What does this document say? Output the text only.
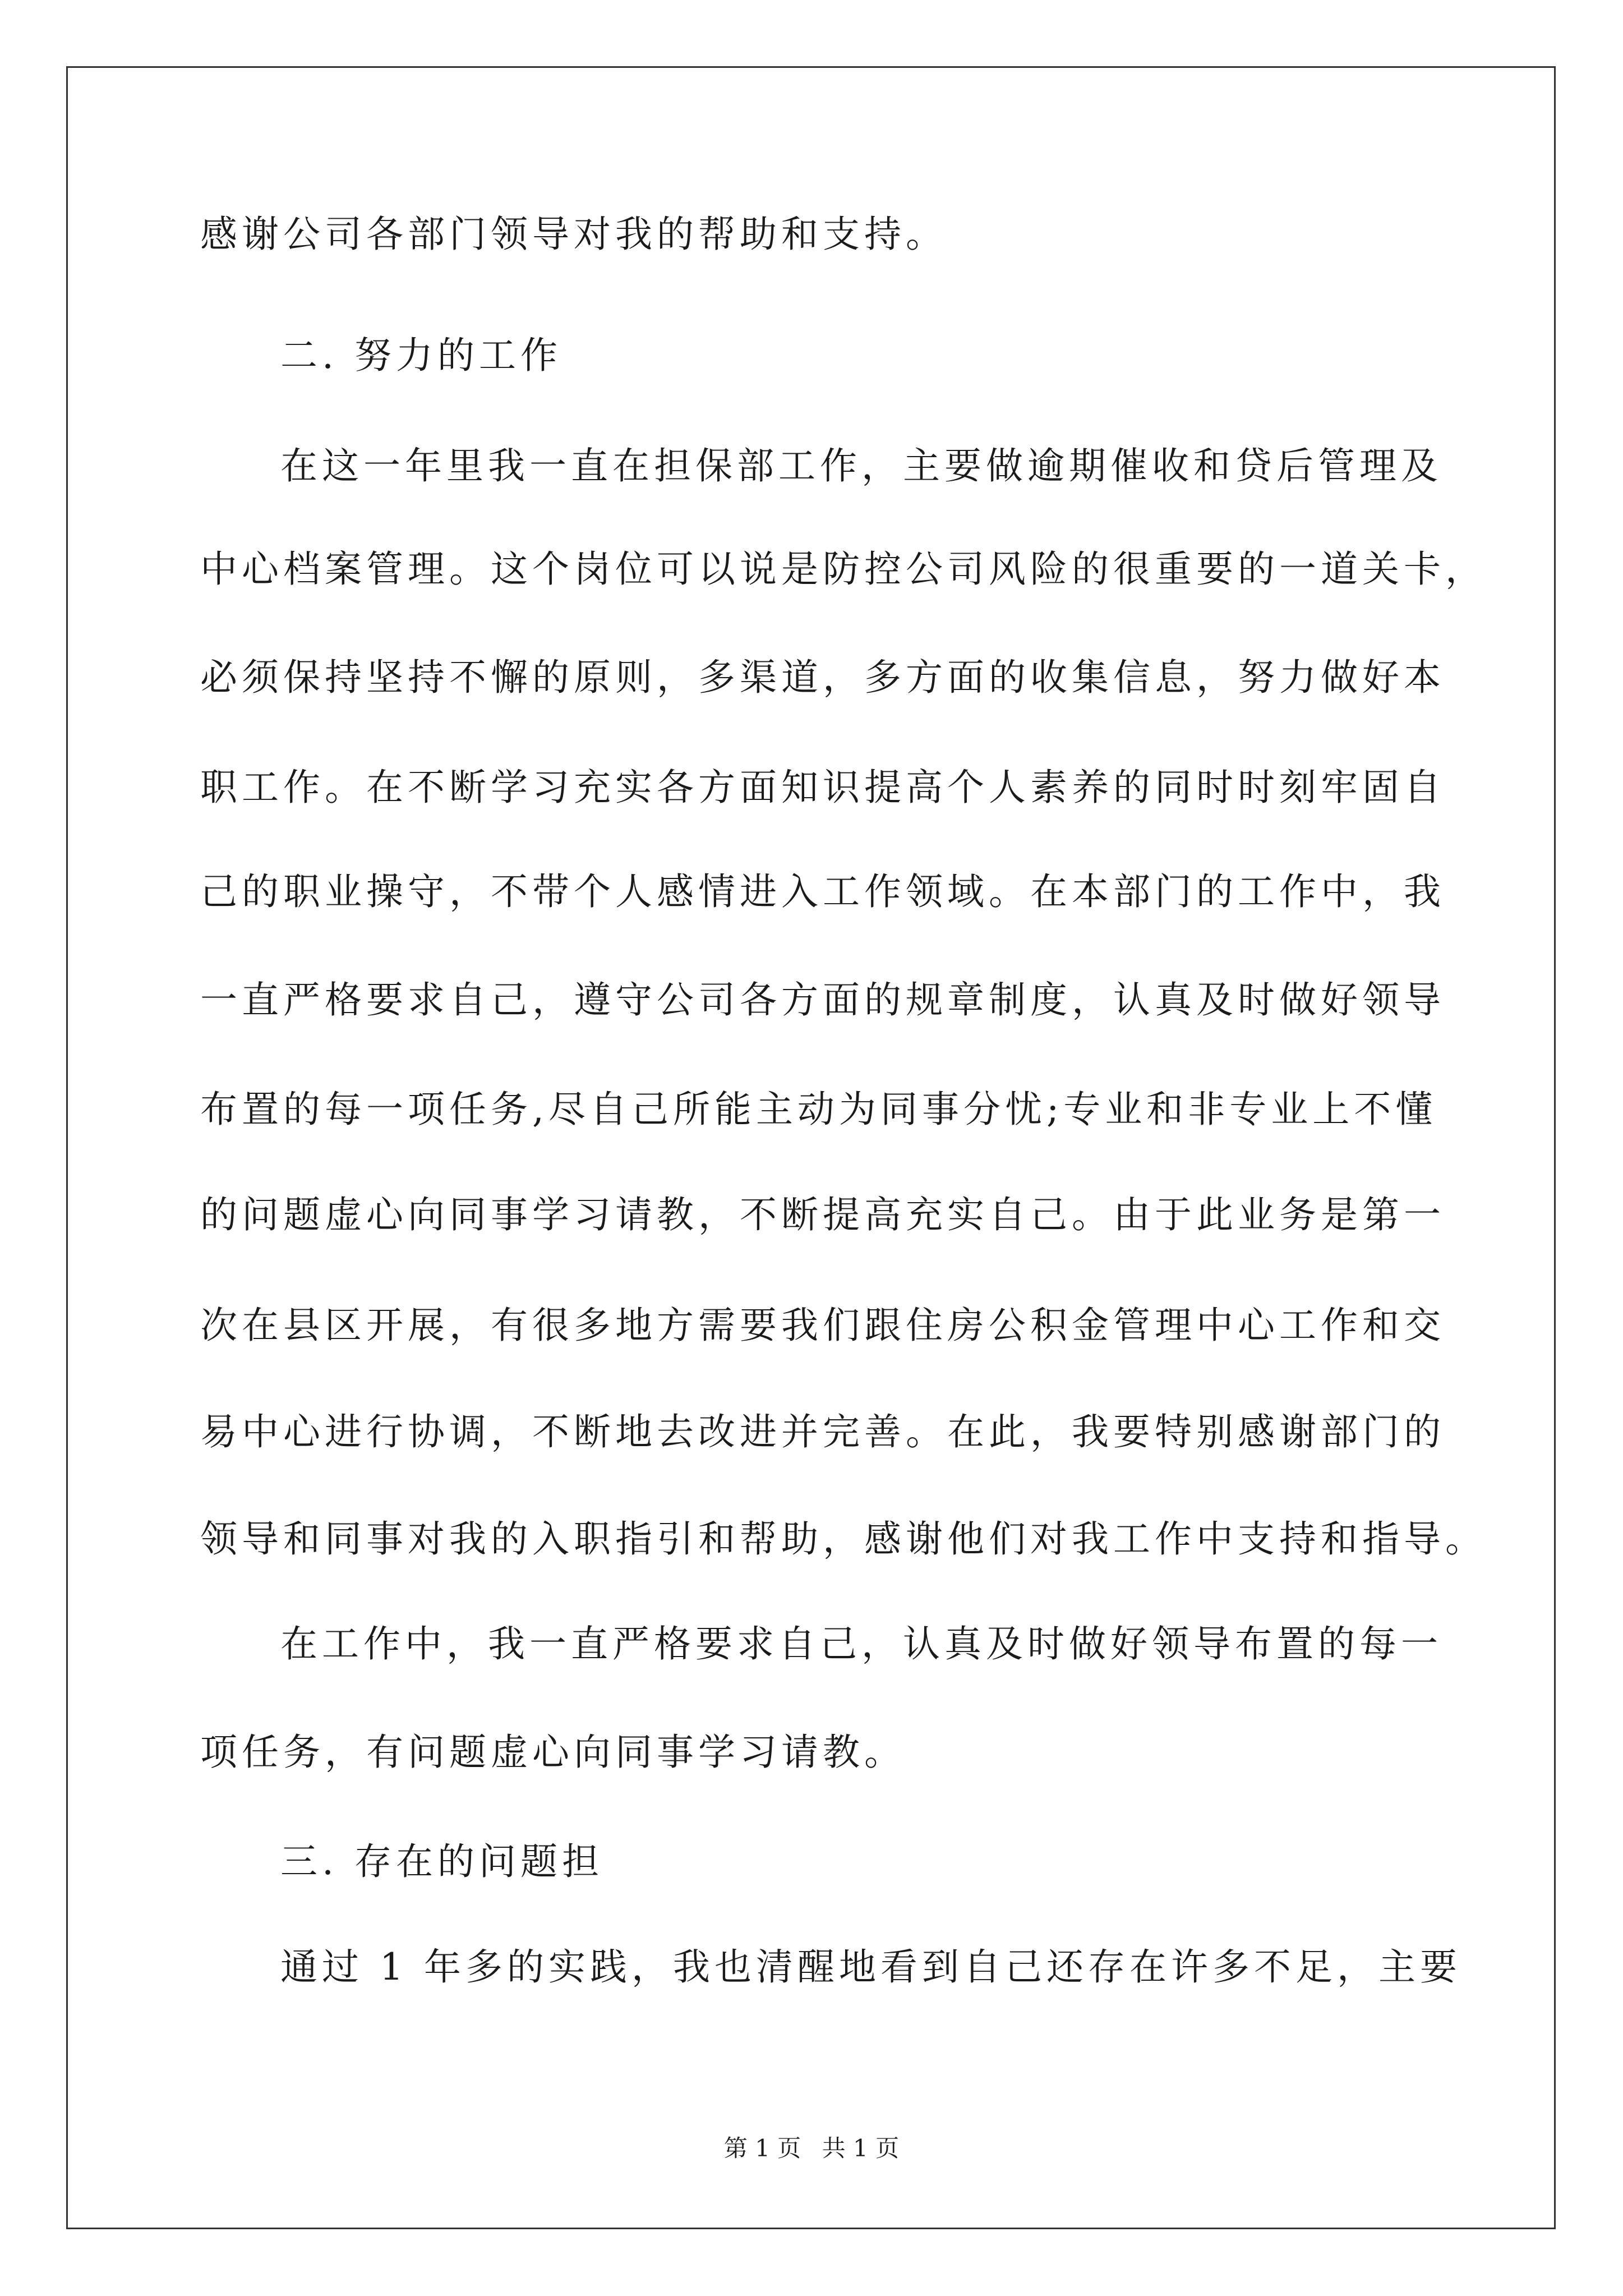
感谢公司各部门领导对我的帮助和支持。
二. 努力的工作
在这一年里我一直在担保部工作，主要做逾期催收和贷后管理及
中心档案管理。这个岗位可以说是防控公司风险的很重要的一道关卡，
必须保持坚持不懈的原则，多渠道，多方面的收集信息，努力做好本
职工作。在不断学习充实各方面知识提高个人素养的同时时刻牢固自
己的职业操守，不带个人感情进入工作领域。在本部门的工作中，我
一直严格要求自己，遵守公司各方面的规章制度，认真及时做好领导
布置的每一项任务,尽自己所能主动为同事分忧;专业和非专业上不懂
的问题虚心向同事学习请教，不断提高充实自己。由于此业务是第一
次在县区开展，有很多地方需要我们跟住房公积金管理中心工作和交
易中心进行协调，不断地去改进并完善。在此，我要特别感谢部门的
领导和同事对我的入职指引和帮助，感谢他们对我工作中支持和指导。
在工作中，我一直严格要求自己，认真及时做好领导布置的每一
项任务，有问题虚心向同事学习请教。
三. 存在的问题担
通过 1 年多的实践，我也清醒地看到自己还存在许多不足，主要
第 1 页 共 1 页
